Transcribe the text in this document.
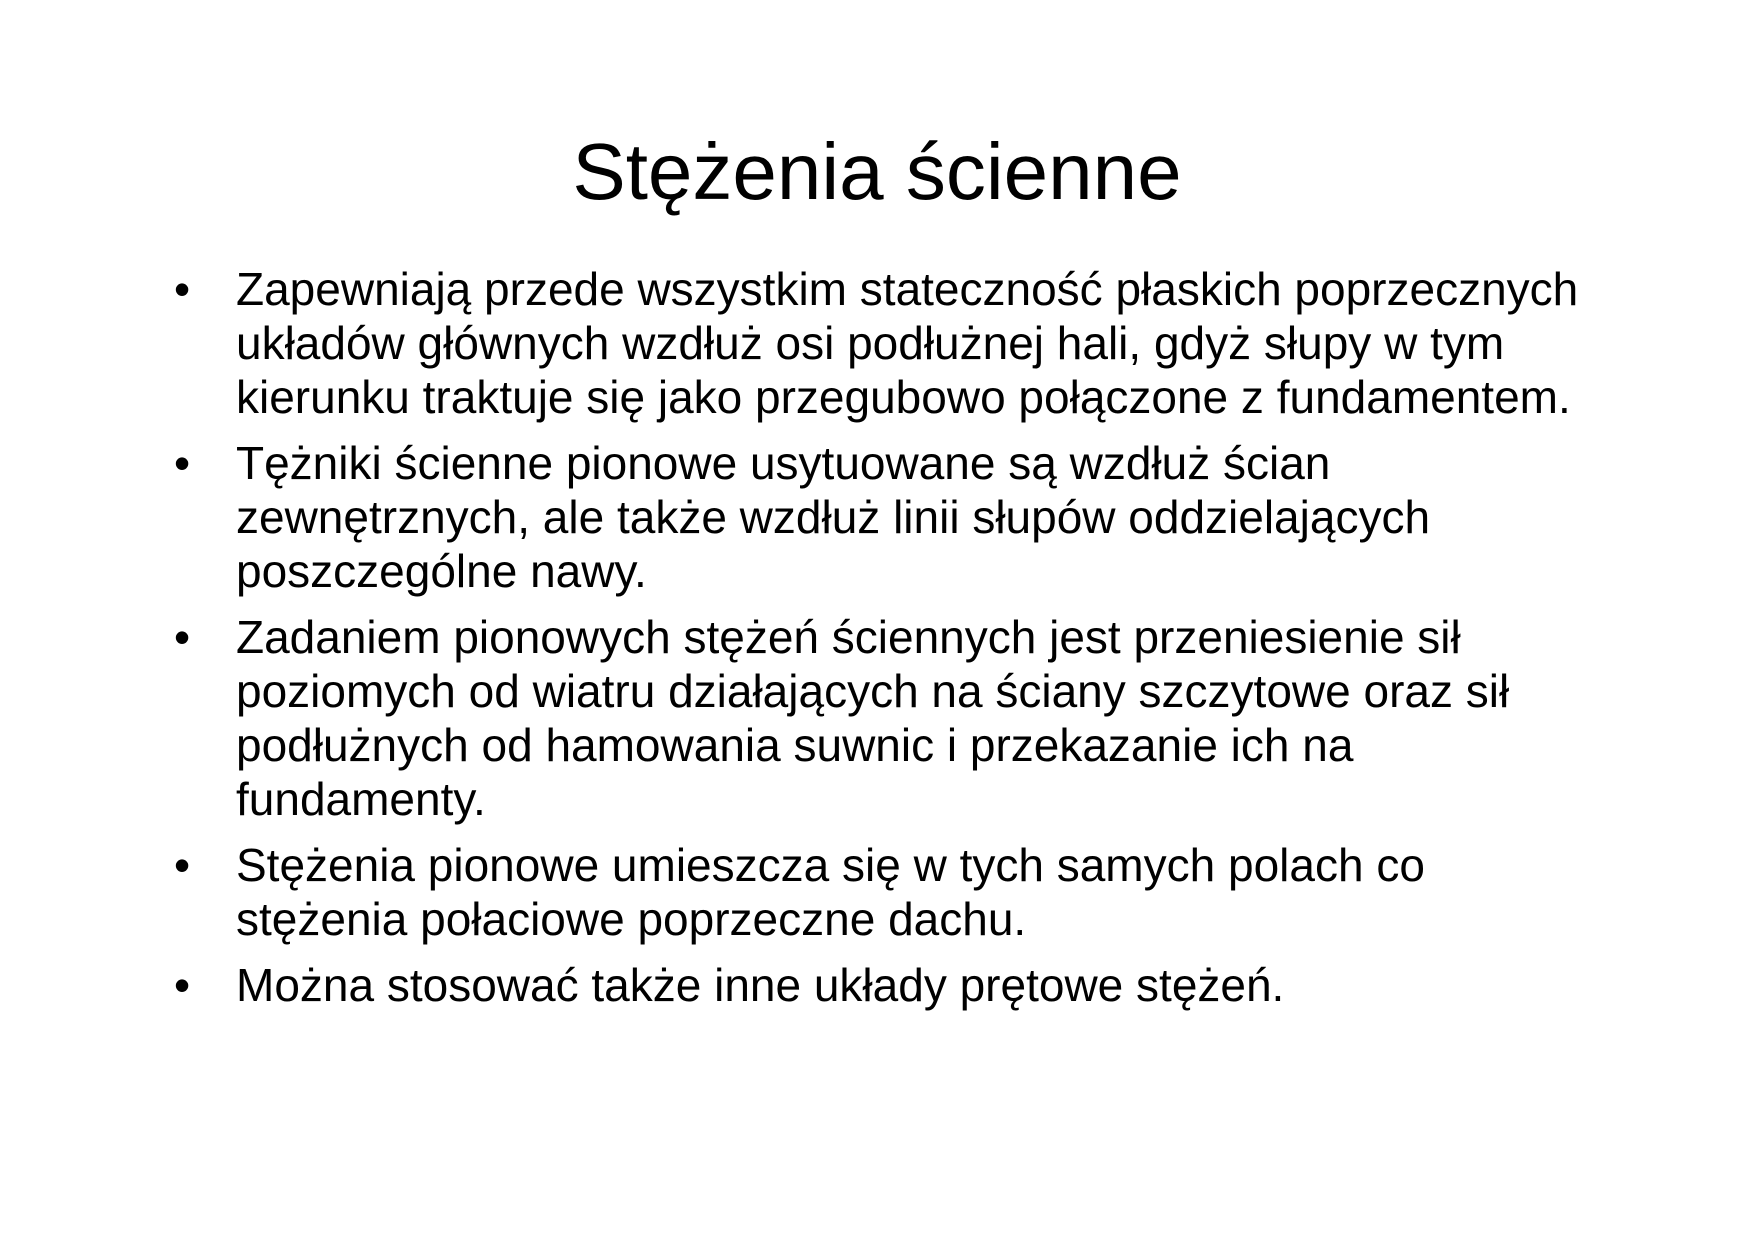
Stężenia ścienne
• Zapewniają przede wszystkim stateczność płaskich poprzecznych układów głównych wzdłuż osi podłużnej hali, gdyż słupy w tym kierunku traktuje się jako przegubowo połączone z fundamentem.
• Tężniki ścienne pionowe usytuowane są wzdłuż ścian zewnętrznych, ale także wzdłuż linii słupów oddzielających poszczególne nawy.
• Zadaniem pionowych stężeń ściennych jest przeniesienie sił poziomych od wiatru działających na ściany szczytowe oraz sił podłużnych od hamowania suwnic i przekazanie ich na fundamenty.
• Stężenia pionowe umieszcza się w tych samych polach co stężenia połaciowe poprzeczne dachu.
• Można stosować także inne układy prętowe stężeń.
